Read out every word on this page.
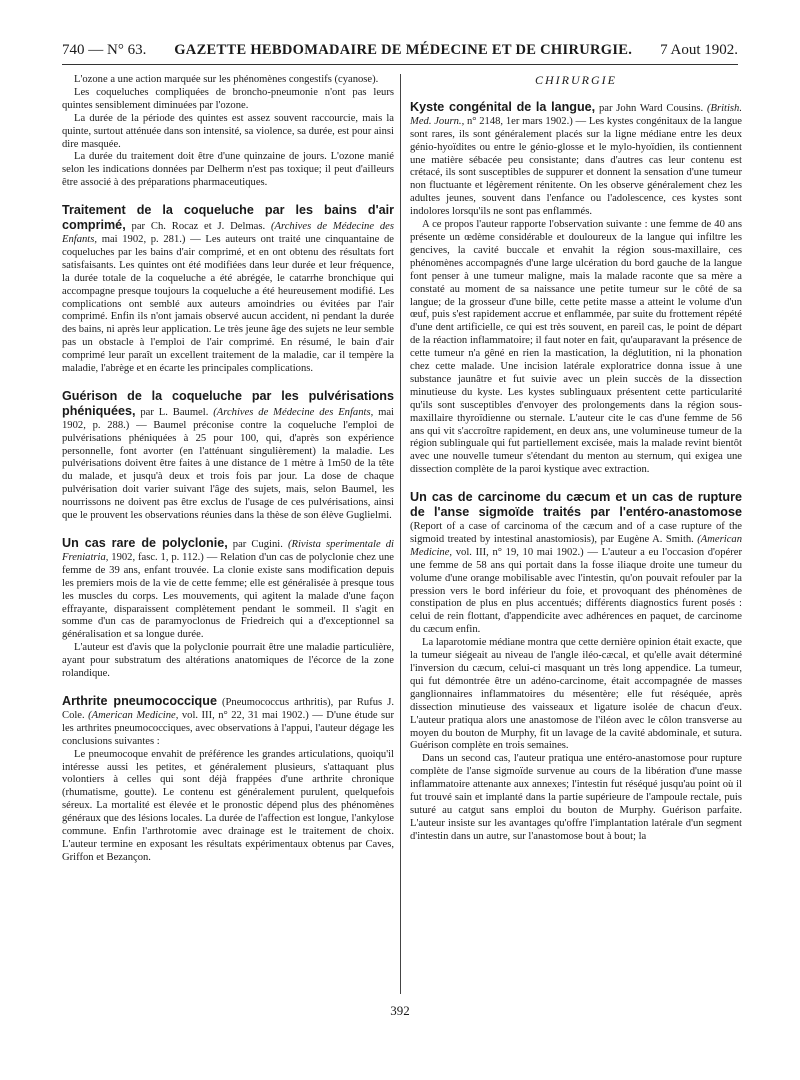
740 — N° 63. GAZETTE HEBDOMADAIRE DE MÉDECINE ET DE CHIRURGIE. 7 Aout 1902.

L'ozone a une action marquée sur les phénomènes congestifs (cyanose).

Les coqueluches compliquées de broncho-pneumonie n'ont pas leurs quintes sensiblement diminuées par l'ozone.

La durée de la période des quintes est assez souvent raccourcie, mais la quinte, surtout atténuée dans son intensité, sa violence, sa durée, est pour ainsi dire masquée.

La durée du traitement doit être d'une quinzaine de jours. L'ozone manié selon les indications données par Delherm n'est pas toxique; il peut d'ailleurs être associé à des préparations pharmaceutiques.

Traitement de la coqueluche par les bains d'air comprimé, par Ch. Rocaz et J. Delmas. (Archives de Médecine des Enfants, mai 1902, p. 281.) — Les auteurs ont traité une cinquantaine de coqueluches par les bains d'air comprimé, et en ont obtenu des résultats fort satisfaisants. Les quintes ont été modifiées dans leur durée et leur fréquence, la durée totale de la coqueluche a été abrégée, le catarrhe bronchique qui accompagne presque toujours la coqueluche a été heureusement modifié. Les complications ont semblé aux auteurs amoindries ou évitées par l'air comprimé. Enfin ils n'ont jamais observé aucun accident, ni pendant la durée des bains, ni après leur application. Le très jeune âge des sujets ne leur semble pas un obstacle à l'emploi de l'air comprimé. En résumé, le bain d'air comprimé leur paraît un excellent traitement de la maladie, car il tempère la maladie, l'abrège et en écarte les principales complications.

Guérison de la coqueluche par les pulvérisations phéniquées, par L. Baumel. (Archives de Médecine des Enfants, mai 1902, p. 288.) — Baumel préconise contre la coqueluche l'emploi de pulvérisations phéniquées à 25 pour 100, qui, d'après son expérience personnelle, font avorter (en l'atténuant singulièrement) la maladie. Les pulvérisations doivent être faites à une distance de 1 mètre à 1m50 de la tête du malade, et jusqu'à deux et trois fois par jour. La dose de chaque pulvérisation doit varier suivant l'âge des sujets, mais, selon Baumel, les nourrissons ne doivent pas être exclus de l'usage de ces pulvérisations, ainsi que le prouvent les observations réunies dans la thèse de son élève Guglielmi.

Un cas rare de polyclonie, par Cugini. (Rivista sperimentale di Freniatria, 1902, fasc. 1, p. 112.) — Relation d'un cas de polyclonie chez une femme de 39 ans, enfant trouvée. La clonie existe sans modification depuis les premiers mois de la vie de cette femme; elle est généralisée à presque tous les muscles du corps. Les mouvements, qui agitent la malade d'une façon effrayante, disparaissent complètement pendant le sommeil. Il s'agit en somme d'un cas de paramyoclonus de Friedreich qui a d'exceptionnel sa généralisation et sa longue durée.

L'auteur est d'avis que la polyclonie pourrait être une maladie particulière, ayant pour substratum des altérations anatomiques de l'écorce de la zone rolandique.

Arthrite pneumococcique (Pneumococcus arthritis), par Rufus J. Cole. (American Medicine, vol. III, n° 22, 31 mai 1902.) — D'une étude sur les arthrites pneumococciques, avec observations à l'appui, l'auteur dégage les conclusions suivantes :

Le pneumocoque envahit de préférence les grandes articulations, quoiqu'il intéresse aussi les petites, et généralement plusieurs, s'attaquant plus volontiers à celles qui sont déjà frappées d'une arthrite chronique (rhumatisme, goutte). Le contenu est généralement purulent, quelquefois séreux. La mortalité est élevée et le pronostic dépend plus des phénomènes généraux que des lésions locales. La durée de l'affection est longue, l'ankylose commune. Enfin l'arthrotomie avec drainage est le traitement de choix. L'auteur termine en exposant les résultats expérimentaux obtenus par Caves, Griffon et Bezançon.

CHIRURGIE

Kyste congénital de la langue, par John Ward Cousins. (British. Med. Journ., n° 2148, 1er mars 1902.) — Les kystes congénitaux de la langue sont rares, ils sont généralement placés sur la ligne médiane entre les deux génio-hyoïdites ou entre le génio-glosse et le mylo-hyoïdien, ils contiennent une matière sébacée peu consistante; dans d'autres cas leur contenu est crétacé, ils sont susceptibles de suppurer et donnent la sensation d'une tumeur non fluctuante et légèrement rénitente. On les observe généralement chez les adultes jeunes, souvent dans l'enfance ou l'adolescence, ces kystes sont indolores lorsqu'ils ne sont pas enflammés.

A ce propos l'auteur rapporte l'observation suivante : une femme de 40 ans présente un œdème considérable et douloureux de la langue qui infiltre les gencives, la cavité buccale et envahit la région sous-maxillaire, ces phénomènes accompagnés d'une large ulcération du bord gauche de la langue font penser à une tumeur maligne, mais la malade raconte que sa mère a constaté au moment de sa naissance une petite tumeur sur le côté de sa langue; de la grosseur d'une bille, cette petite masse a atteint le volume d'un œuf, puis s'est rapidement accrue et enflammée, par suite du frottement répété d'une dent artificielle, ce qui est très souvent, en pareil cas, le point de départ de la réaction inflammatoire; il faut noter en fait, qu'auparavant la présence de cette tumeur n'a gêné en rien la mastication, la déglutition, ni la phonation chez cette malade. Une incision latérale exploratrice donna issue à une substance jaunâtre et fut suivie avec un plein succès de la dissection minutieuse du kyste. Les kystes sublinguaux présentent cette particularité qu'ils sont susceptibles d'envoyer des prolongements dans la région sous-maxillaire thyroïdienne ou sternale. L'auteur cite le cas d'une femme de 56 ans qui vit s'accroître rapidement, en deux ans, une volumineuse tumeur de la région sublinguale qui fut partiellement excisée, mais la malade revint bientôt avec une nouvelle tumeur s'étendant du menton au sternum, qui exigea une dissection complète de la paroi kystique avec extraction.

Un cas de carcinome du cæcum et un cas de rupture de l'anse sigmoïde traités par l'entéro-anastomose (Report of a case of carcinoma of the cæcum and of a case rupture of the sigmoid treated by intestinal anastomiosis), par Eugène A. Smith. (American Medicine, vol. III, n° 19, 10 mai 1902.) — L'auteur a eu l'occasion d'opérer une femme de 58 ans qui portait dans la fosse iliaque droite une tumeur du volume d'une orange mobilisable avec l'intestin, qu'on pouvait refouler par la pression vers le bord inférieur du foie, et provoquant des phénomènes de constipation de plus en plus accentués; différents diagnostics furent posés : celui de rein flottant, d'appendicite avec adhérences en paquet, de carcinome du cæcum enfin.

La laparotomie médiane montra que cette dernière opinion était exacte, que la tumeur siégeait au niveau de l'angle iléo-cæcal, et qu'elle avait déterminé l'inversion du cæcum, celui-ci masquant un très long appendice. La tumeur, qui fut démontrée être un adéno-carcinome, était accompagnée de masses ganglionnaires inflammatoires du mésentère; elle fut réséquée, après dissection minutieuse des vaisseaux et ligature isolée de chacun d'eux. L'auteur pratiqua alors une anastomose de l'iléon avec le côlon transverse au moyen du bouton de Murphy, fit un lavage de la cavité abdominale, et sutura. Guérison complète en trois semaines.

Dans un second cas, l'auteur pratiqua une entéro-anastomose pour rupture complète de l'anse sigmoïde survenue au cours de la libération d'une masse inflammatoire attenante aux annexes; l'intestin fut réséqué jusqu'au point où il fut trouvé sain et implanté dans la partie supérieure de l'ampoule rectale, puis suturé au catgut sans emploi du bouton de Murphy. Guérison parfaite. L'auteur insiste sur les avantages qu'offre l'implantation latérale d'un segment d'intestin dans un autre, sur l'anastomose bout à bout; la

392
